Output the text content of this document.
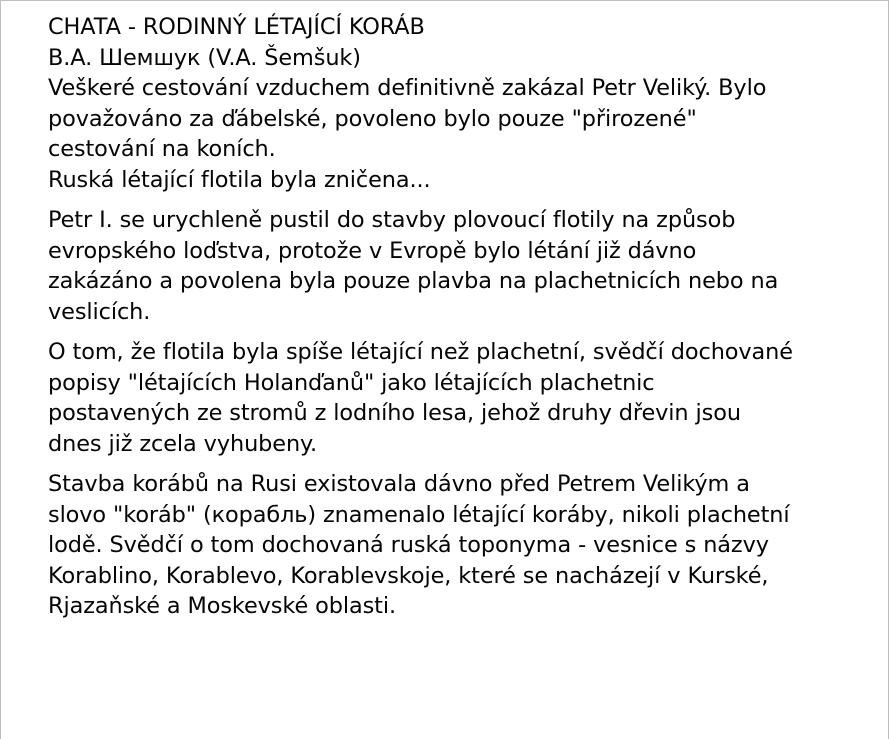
CHATA - RODINNÝ LÉTAJÍCÍ KORÁB
B.A. Шемшук (V.A. Šemšuk)
Veškeré cestování vzduchem definitivně zakázal Petr Veliký. Bylo
považováno za ďábelské, povoleno bylo pouze "přirozené"
cestování na koních.
Ruská létající flotila byla zničena...
Petr I. se urychleně pustil do stavby plovoucí flotily na způsob
evropského loďstva, protože v Evropě bylo létání již dávno
zakázáno a povolena byla pouze plavba na plachetnicích nebo na
veslicích.
O tom, že flotila byla spíše létající než plachetní, svědčí dochované
popisy "létajících Holanďanů" jako létajících plachetnic
postavených ze stromů z lodního lesa, jehož druhy dřevin jsou
dnes již zcela vyhubeny.
Stavba korábů na Rusi existovala dávno před Petrem Velikým a
slovo "koráb" (корабль) znamenalo létající koráby, nikoli plachetní
lodě. Svědčí o tom dochovaná ruská toponyma - vesnice s názvy
Korablino, Korablevo, Korablevskoje, které se nacházejí v Kurské,
Rjazaňské a Moskevské oblasti.
